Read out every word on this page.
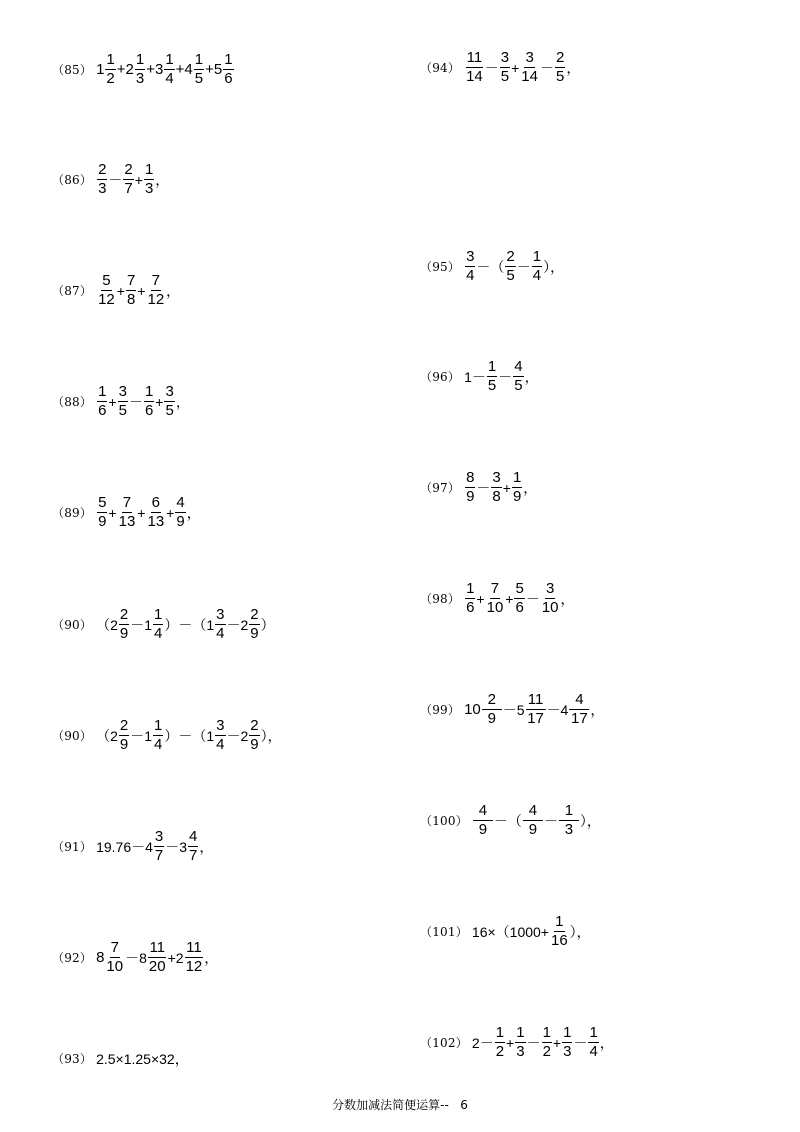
（85） $1 \frac{1}{2} +2 \frac{1}{3} +3 \frac{1}{4} +4 \frac{1}{5} +5 \frac{1}{6}$
$(86) \frac{2}{3} - \frac{2}{7} + \frac{1}{3}$ ，
$(87) \frac{5}{12} + \frac{7}{8} + \frac{7}{12}$ ，
$(88) \frac{1}{6} + \frac{3}{5} - \frac{1}{6} + \frac{3}{5}$ ，
$(89) \frac{5}{9} + \frac{7}{13} + \frac{6}{13} + \frac{4}{9}$ ，
（90） $(2 \frac{2}{9} -1 \frac{1}{4} )-(1 \frac{3}{4} -2 \frac{2}{9}$ ）
（90） $(2 \frac{2}{9} -1 \frac{1}{4} )-(1 \frac{3}{4} -2 \frac{2}{9}$ ），
（91） $19.76-4 \frac{3}{7} -3 \frac{4}{7}$ ，
（92） $8 \frac{7}{10} -8 \frac{11}{20} +2 \frac{11}{12}$ ，
（93） 2.5×1.25×32，
$(94) \frac{11}{14} - \frac{3}{5} + \frac{3}{14} - \frac{2}{5}$ ，
$(95) \frac{3}{4}$ －（ $\frac{2}{5} - \frac{1}{4}$ ），
（96） $1- \frac{1}{5} - \frac{4}{5}$ ，
$(97) \frac{8}{9} - \frac{3}{8} + \frac{1}{9}$ ，
$(98) \frac{1}{6} + \frac{7}{10} + \frac{5}{6} - \frac{3}{10}$ ，
（99） $10 \frac{2}{9} -5 \frac{11}{17} -4 \frac{4}{17}$ ，
$(100) \frac{4}{9}$ －（ $\frac{4}{9} - \frac{1}{3}$ ），
（101） $16\times(1000+ \frac{1}{16}$ ），
（102） $2- \frac{1}{2} + \frac{1}{3} - \frac{1}{2} + \frac{1}{3} - \frac{1}{4}$ ，
分数加减法简便运算-- 6
